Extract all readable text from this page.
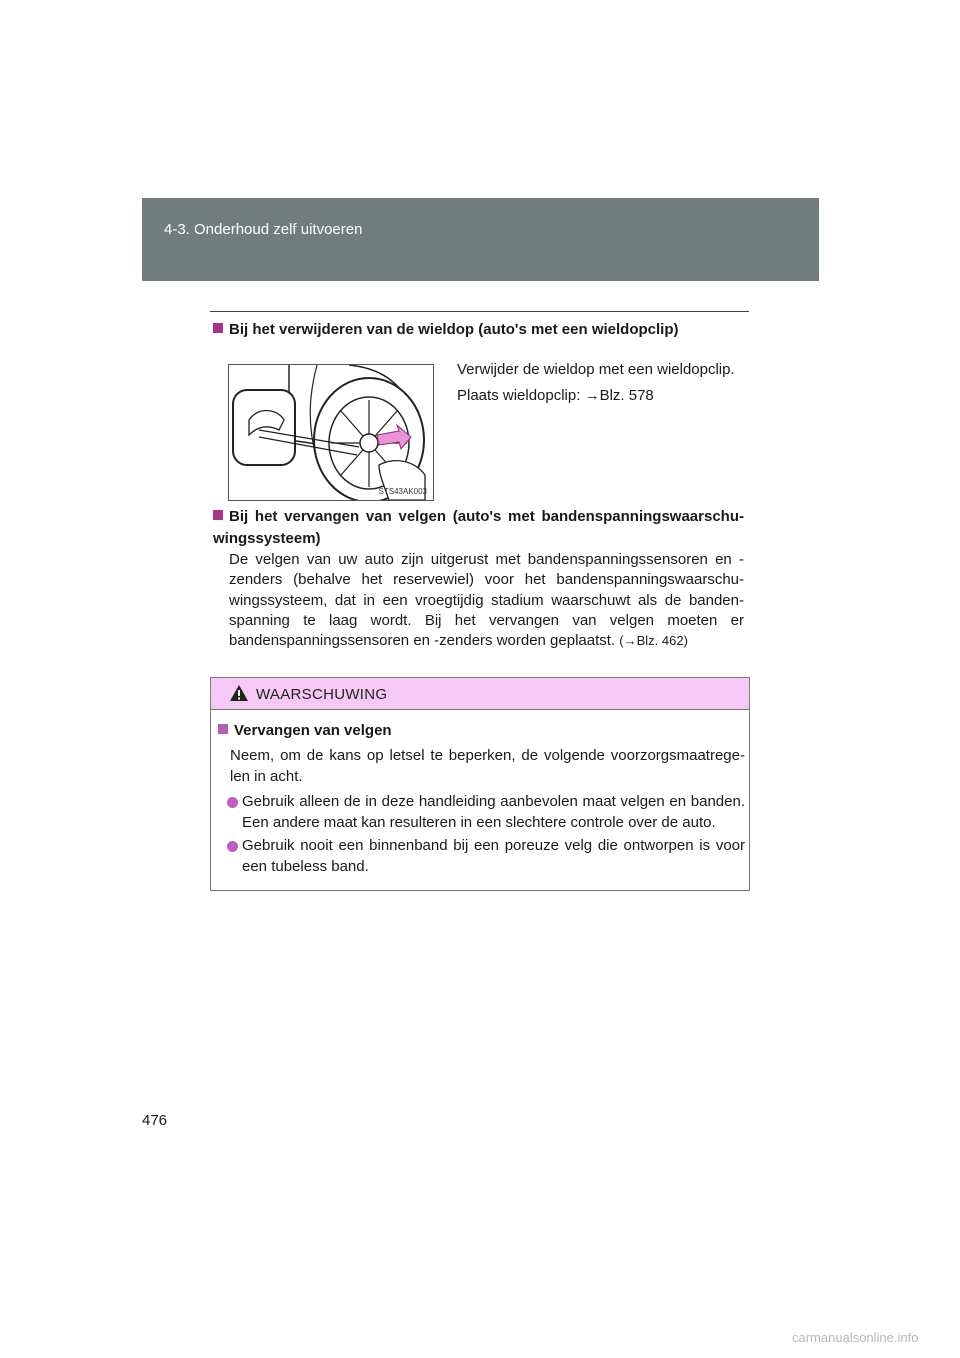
4-3. Onderhoud zelf uitvoeren
Bij het verwijderen van de wieldop (auto's met een wieldopclip)
STS43AK003
Verwijder de wieldop met een wieldopclip.
Plaats wieldopclip: →Blz. 578
Bij het vervangen van velgen (auto's met bandenspanningswaarschu-wingssysteem)
De velgen van uw auto zijn uitgerust met bandenspanningssensoren en -zenders (behalve het reservewiel) voor het bandenspanningswaarschu-wingssysteem, dat in een vroegtijdig stadium waarschuwt als de banden-spanning te laag wordt. Bij het vervangen van velgen moeten er bandenspanningssensoren en -zenders worden geplaatst. (→Blz. 462)
WAARSCHUWING
Vervangen van velgen
Neem, om de kans op letsel te beperken, de volgende voorzorgsmaatrege-len in acht.
Gebruik alleen de in deze handleiding aanbevolen maat velgen en banden. Een andere maat kan resulteren in een slechtere controle over de auto.
Gebruik nooit een binnenband bij een poreuze velg die ontworpen is voor een tubeless band.
476
carmanualsonline.info
